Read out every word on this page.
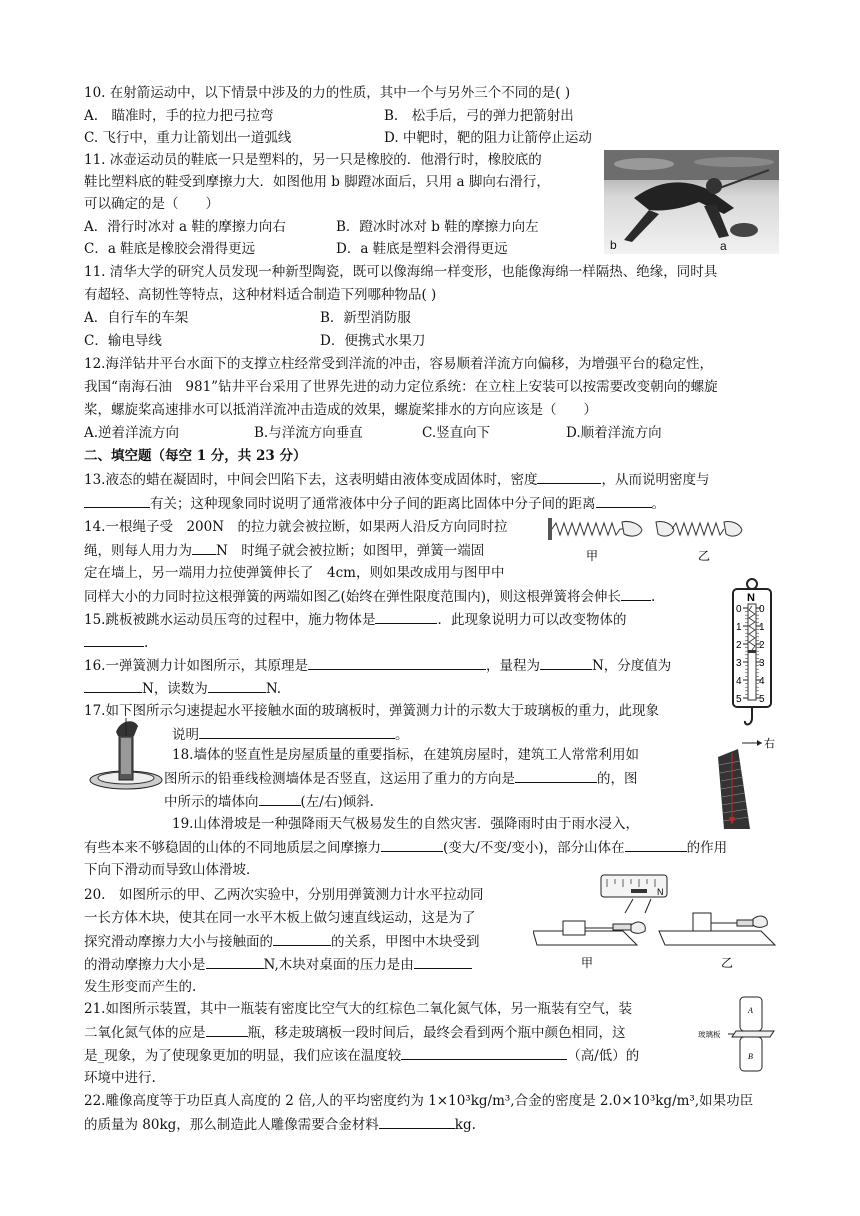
10. 在射箭运动中，以下情景中涉及的力的性质，其中一个与另外三个不同的是( )
A.　瞄准时，手的拉力把弓拉弯	B.　松手后，弓的弹力把箭射出
C. 飞行中，重力让箭划出一道弧线	D. 中靶时，靶的阻力让箭停止运动
11. 冰壶运动员的鞋底一只是塑料的，另一只是橡胶的．他滑行时，橡胶底的
鞋比塑料底的鞋受到摩擦力大．如图他用 b 脚蹬冰面后，只用 a 脚向右滑行，
可以确定的是（　　）
A．滑行时冰对 a 鞋的摩擦力向右	B．蹬冰时冰对 b 鞋的摩擦力向左
C．a 鞋底是橡胶会滑得更远	D．a 鞋底是塑料会滑得更远	b	a
11. 清华大学的研究人员发现一种新型陶瓷，既可以像海绵一样变形，也能像海绵一样隔热、绝缘，同时具
有超轻、高韧性等特点，这种材料适合制造下列哪种物品( )
A．自行车的车架	B．新型消防服
C．输电导线	D．便携式水果刀
12.海洋钻井平台水面下的支撑立柱经常受到洋流的冲击，容易顺着洋流方向偏移，为增强平台的稳定性，
我国“南海石油　981”钻井平台采用了世界先进的动力定位系统：在立柱上安装可以按需要改变朝向的螺旋
桨，螺旋桨高速排水可以抵消洋流冲击造成的效果，螺旋桨排水的方向应该是（　　）
A.逆着洋流方向	B.与洋流方向垂直	C.竖直向下	D.顺着洋流方向
二、填空题（每空 1 分，共 23 分）
13.液态的蜡在凝固时，中间会凹陷下去，这表明蜡由液体变成固体时，密度	，从而说明密度与
有关；这种现象同时说明了通常液体中分子间的距离比固体中分子间的距离	。
14.一根绳子受　200N　的拉力就会被拉断，如果两人沿反方向同时拉
绳，则每人用力为 N　时绳子就会被拉断；如图甲，弹簧一端固
定在墙上，另一端用力拉使弹簧伸长了　4cm，则如果改成用与图甲中
同样大小的力同时拉这根弹簧的两端如图乙(始终在弹性限度范围内)，则这根弹簧将会伸长 .
甲	乙
N
0 0
1 1
2 2
3 3
4 4
5 5
15.跳板被跳水运动员压弯的过程中，施力物体是	．此现象说明力可以改变物体的
.
16.一弹簧测力计如图所示，其原理是	，量程为	N，分度值为
N，读数为	N.
17.如下图所示匀速提起水平接触水面的玻璃板时，弹簧测力计的示数大于玻璃板的重力，此现象
说明	。
18.墙体的竖直性是房屋质量的重要指标，在建筑房屋时，建筑工人常常利用如
图所示的铅垂线检测墙体是否竖直，这运用了重力的方向是	的，图
中所示的墙体向	(左/右)倾斜.
右
19.山体滑坡是一种强降雨天气极易发生的自然灾害．强降雨时由于雨水浸入，
有些本来不够稳固的山体的不同地质层之间摩擦力	(变大/不变/变小)，部分山体在	的作用
下向下滑动而导致山体滑坡．
20.　如图所示的甲、乙两次实验中，分别用弹簧测力计水平拉动同
一长方体木块，使其在同一水平木板上做匀速直线运动，这是为了
探究滑动摩擦力大小与接触面的	的关系，甲图中木块受到
的滑动摩擦力大小是	N,木块对桌面的压力是由
发生形变而产生的.
N
甲	乙
21.如图所示装置，其中一瓶装有密度比空气大的红棕色二氧化氮气体，另一瓶装有空气，装
二氧化氮气体的应是	瓶，移走玻璃板一段时间后，最终会看到两个瓶中颜色相同，这
是_现象，为了使现象更加的明显，我们应该在温度较	（高/低）的
环境中进行.
A
B
玻璃板
22.雕像高度等于功臣真人高度的 2 倍,人的平均密度约为 1×10³kg/m³,合金的密度是 2.0×10³kg/m³,如果功臣
的质量为 80kg，那么制造此人雕像需要合金材料	kg.
